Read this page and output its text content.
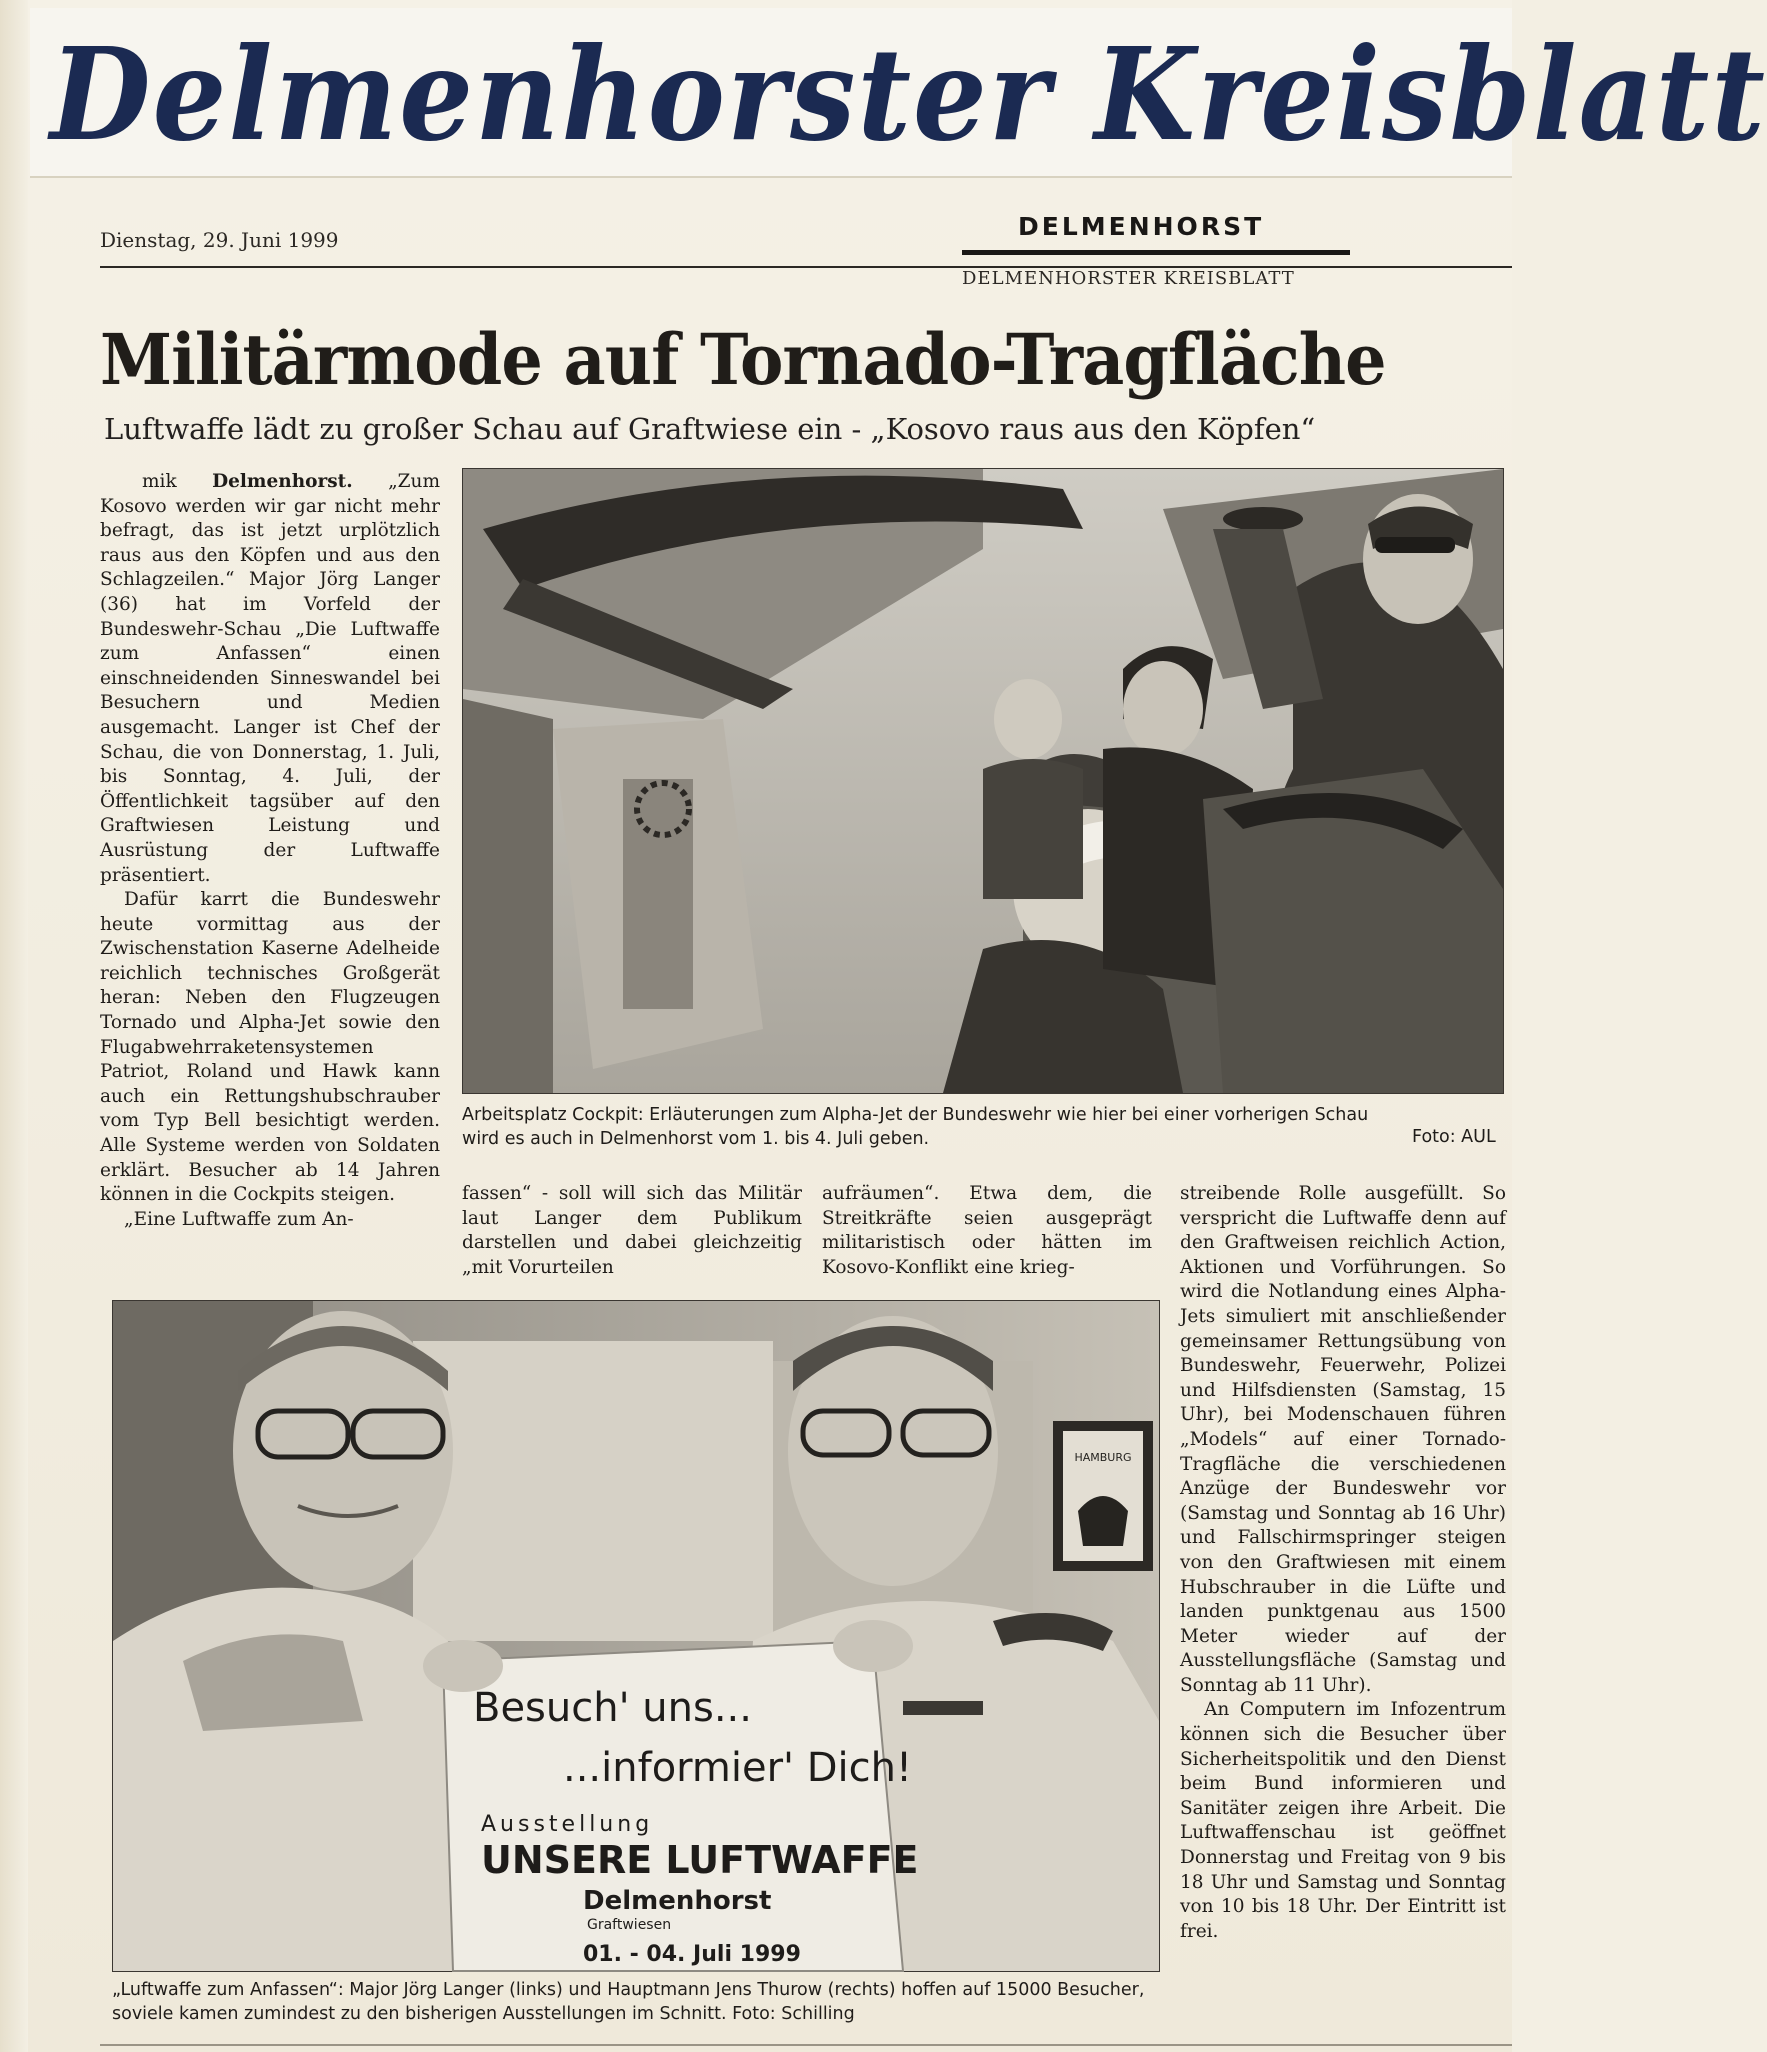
Delmenhorster Kreisblatt
Dienstag, 29. Juni 1999	DELMENHORST
DELMENHORSTER KREISBLATT
Militärmode auf Tornado-Tragfläche
Luftwaffe lädt zu großer Schau auf Graftwiese ein - „Kosovo raus aus den Köpfen“

mik Delmenhorst. „Zum Kosovo werden wir gar nicht mehr befragt, das ist jetzt urplötzlich raus aus den Köpfen und aus den Schlagzeilen.“ Major Jörg Langer (36) hat im Vorfeld der Bundeswehr-Schau „Die Luftwaffe zum Anfassen“ einen einschneidenden Sinneswandel bei Besuchern und Medien ausgemacht. Langer ist Chef der Schau, die von Donnerstag, 1. Juli, bis Sonntag, 4. Juli, der Öffentlichkeit tagsüber auf den Graftwiesen Leistung und Ausrüstung der Luftwaffe präsentiert.

Dafür karrt die Bundeswehr heute vormittag aus der Zwischenstation Kaserne Adelheide reichlich technisches Großgerät heran: Neben den Flugzeugen Tornado und Alpha-Jet sowie den Flugabwehrraketensystemen Patriot, Roland und Hawk kann auch ein Rettungshubschrauber vom Typ Bell besichtigt werden. Alle Systeme werden von Soldaten erklärt. Besucher ab 14 Jahren können in die Cockpits steigen.

„Eine Luftwaffe zum An-

Arbeitsplatz Cockpit: Erläuterungen zum Alpha-Jet der Bundeswehr wie hier bei einer vorherigen Schau wird es auch in Delmenhorst vom 1. bis 4. Juli geben.	Foto: AUL

fassen“ - soll will sich das Militär laut Langer dem Publikum darstellen und dabei gleichzeitig „mit Vorurteilen

aufräumen“. Etwa dem, die Streitkräfte seien ausgeprägt militaristisch oder hätten im Kosovo-Konflikt eine krieg-

streibende Rolle ausgefüllt. So verspricht die Luftwaffe denn auf den Graftweisen reichlich Action, Aktionen und Vorführungen. So wird die Notlandung eines Alpha-Jets simuliert mit anschließender gemeinsamer Rettungsübung von Bundeswehr, Feuerwehr, Polizei und Hilfsdiensten (Samstag, 15 Uhr), bei Modenschauen führen „Models“ auf einer Tornado-Tragfläche die verschiedenen Anzüge der Bundeswehr vor (Samstag und Sonntag ab 16 Uhr) und Fallschirmspringer steigen von den Graftwiesen mit einem Hubschrauber in die Lüfte und landen punktgenau aus 1500 Meter wieder auf der Ausstellungsfläche (Samstag und Sonntag ab 11 Uhr).

An Computern im Infozentrum können sich die Besucher über Sicherheitspolitik und den Dienst beim Bund informieren und Sanitäter zeigen ihre Arbeit. Die Luftwaffenschau ist geöffnet Donnerstag und Freitag von 9 bis 18 Uhr und Samstag und Sonntag von 10 bis 18 Uhr. Der Eintritt ist frei.

HAMBURG
Besuch' uns...
...informier' Dich!
Ausstellung
UNSERE LUFTWAFFE
Delmenhorst
Graftwiesen
01. - 04. Juli 1999
„Luftwaffe zum Anfassen“: Major Jörg Langer (links) und Hauptmann Jens Thurow (rechts) hoffen auf 15000 Besucher, soviele kamen zumindest zu den bisherigen Ausstellungen im Schnitt. Foto: Schilling
